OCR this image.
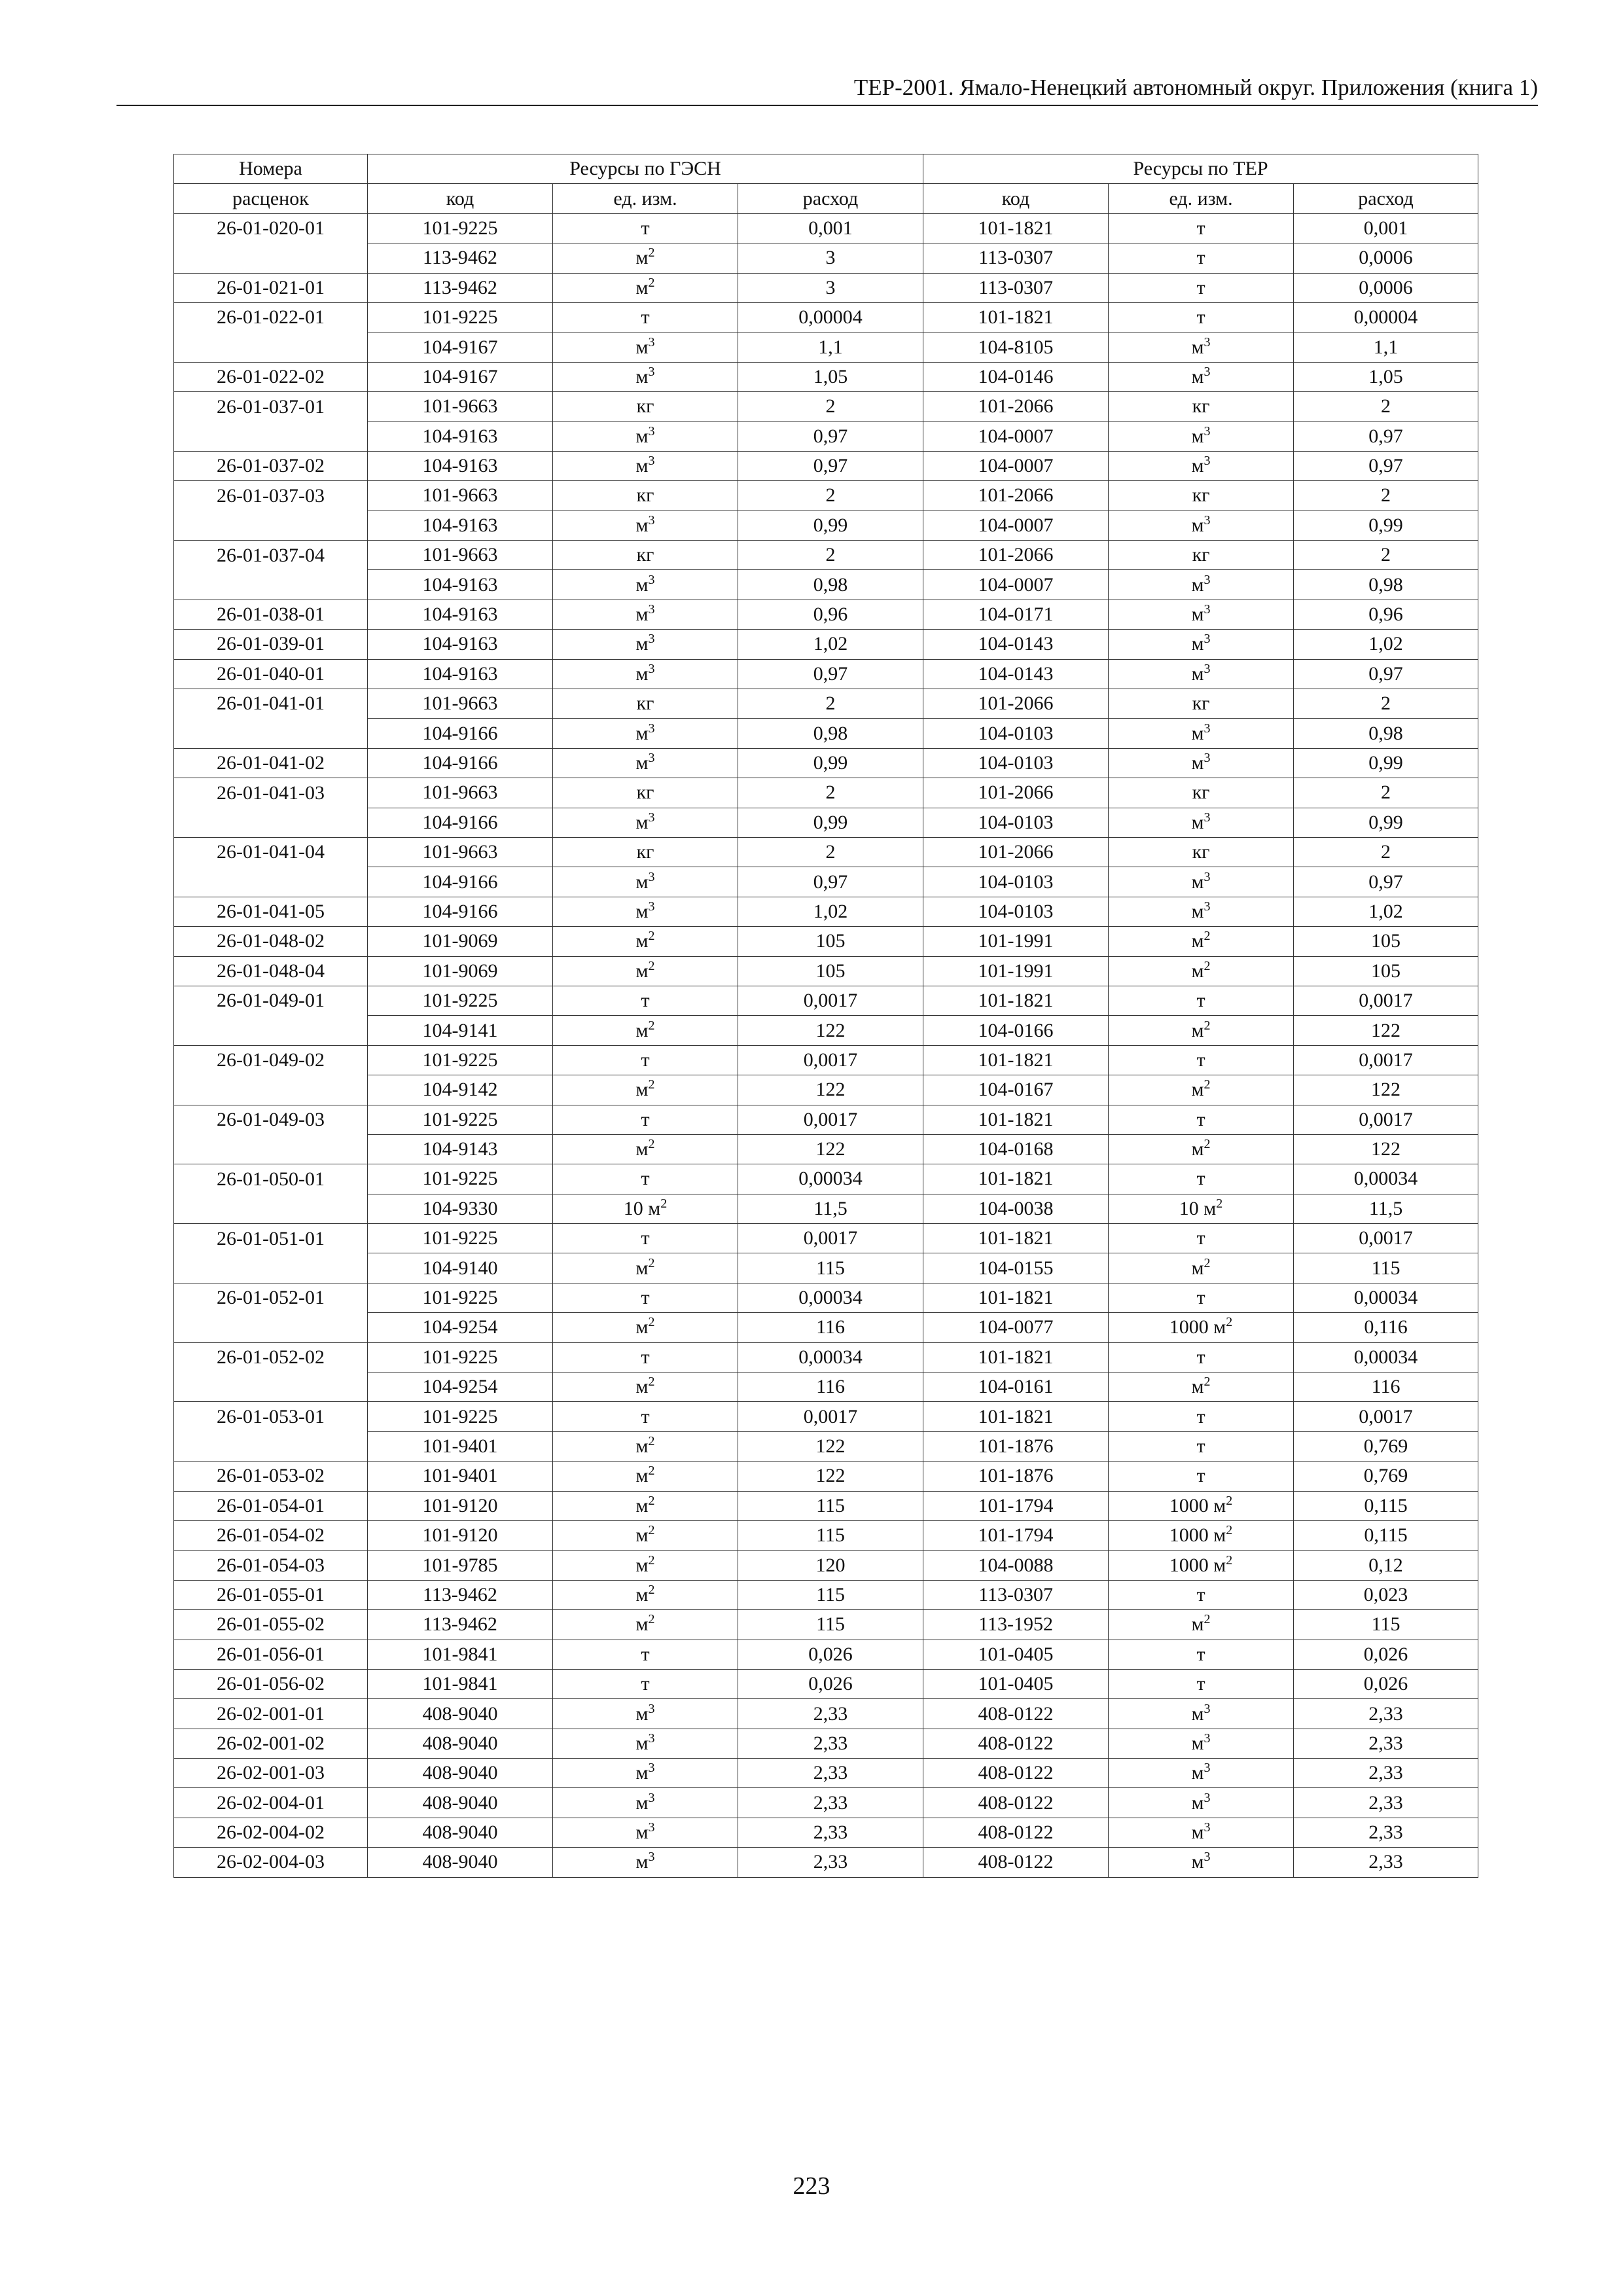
ТЕР-2001. Ямало-Ненецкий автономный округ. Приложения (книга 1)
Номера	Ресурсы по ГЭСН			Ресурсы по ТЕР		
расценок	код	ед. изм.	расход	код	ед. изм.	расход
26-01-020-01	101-9225	т	0,001	101-1821	т	0,001
	113-9462	$м^2$	3	113-0307	т	0,0006
26-01-021-01	113-9462	$м^2$	3	113-0307	т	0,0006
26-01-022-01	101-9225	т	0,00004	101-1821	т	0,00004
	104-9167	$м^3$	1,1	104-8105	$м^3$	1,1
26-01-022-02	104-9167	$м^3$	1,05	104-0146	$м^3$	1,05
26-01-037-01	101-9663	кг	2	101-2066	кг	2
	104-9163	$м^3$	0,97	104-0007	$м^3$	0,97
26-01-037-02	104-9163	$м^3$	0,97	104-0007	$м^3$	0,97
26-01-037-03	101-9663	кг	2	101-2066	кг	2
	104-9163	$м^3$	0,99	104-0007	$м^3$	0,99
26-01-037-04	101-9663	кг	2	101-2066	кг	2
	104-9163	$м^3$	0,98	104-0007	$м^3$	0,98
26-01-038-01	104-9163	$м^3$	0,96	104-0171	$м^3$	0,96
26-01-039-01	104-9163	$м^3$	1,02	104-0143	$м^3$	1,02
26-01-040-01	104-9163	$м^3$	0,97	104-0143	$м^3$	0,97
26-01-041-01	101-9663	кг	2	101-2066	кг	2
	104-9166	$м^3$	0,98	104-0103	$м^3$	0,98
26-01-041-02	104-9166	$м^3$	0,99	104-0103	$м^3$	0,99
26-01-041-03	101-9663	кг	2	101-2066	кг	2
	104-9166	$м^3$	0,99	104-0103	$м^3$	0,99
26-01-041-04	101-9663	кг	2	101-2066	кг	2
	104-9166	$м^3$	0,97	104-0103	$м^3$	0,97
26-01-041-05	104-9166	$м^3$	1,02	104-0103	$м^3$	1,02
26-01-048-02	101-9069	$м^2$	105	101-1991	$м^2$	105
26-01-048-04	101-9069	$м^2$	105	101-1991	$м^2$	105
26-01-049-01	101-9225	т	0,0017	101-1821	т	0,0017
	104-9141	$м^2$	122	104-0166	$м^2$	122
26-01-049-02	101-9225	т	0,0017	101-1821	т	0,0017
	104-9142	$м^2$	122	104-0167	$м^2$	122
26-01-049-03	101-9225	т	0,0017	101-1821	т	0,0017
	104-9143	$м^2$	122	104-0168	$м^2$	122
26-01-050-01	101-9225	т	0,00034	101-1821	т	0,00034
	104-9330	10 $м^2$	11,5	104-0038	10 $м^2$	11,5
26-01-051-01	101-9225	т	0,0017	101-1821	т	0,0017
	104-9140	$м^2$	115	104-0155	$м^2$	115
26-01-052-01	101-9225	т	0,00034	101-1821	т	0,00034
	104-9254	$м^2$	116	104-0077	1000 $м^2$	0,116
26-01-052-02	101-9225	т	0,00034	101-1821	т	0,00034
	104-9254	$м^2$	116	104-0161	$м^2$	116
26-01-053-01	101-9225	т	0,0017	101-1821	т	0,0017
	101-9401	$м^2$	122	101-1876	т	0,769
26-01-053-02	101-9401	$м^2$	122	101-1876	т	0,769
26-01-054-01	101-9120	$м^2$	115	101-1794	1000 $м^2$	0,115
26-01-054-02	101-9120	$м^2$	115	101-1794	1000 $м^2$	0,115
26-01-054-03	101-9785	$м^2$	120	104-0088	1000 $м^2$	0,12
26-01-055-01	113-9462	$м^2$	115	113-0307	т	0,023
26-01-055-02	113-9462	$м^2$	115	113-1952	$м^2$	115
26-01-056-01	101-9841	т	0,026	101-0405	т	0,026
26-01-056-02	101-9841	т	0,026	101-0405	т	0,026
26-02-001-01	408-9040	$м^3$	2,33	408-0122	$м^3$	2,33
26-02-001-02	408-9040	$м^3$	2,33	408-0122	$м^3$	2,33
26-02-001-03	408-9040	$м^3$	2,33	408-0122	$м^3$	2,33
26-02-004-01	408-9040	$м^3$	2,33	408-0122	$м^3$	2,33
26-02-004-02	408-9040	$м^3$	2,33	408-0122	$м^3$	2,33
26-02-004-03	408-9040	$м^3$	2,33	408-0122	$м^3$	2,33
223
